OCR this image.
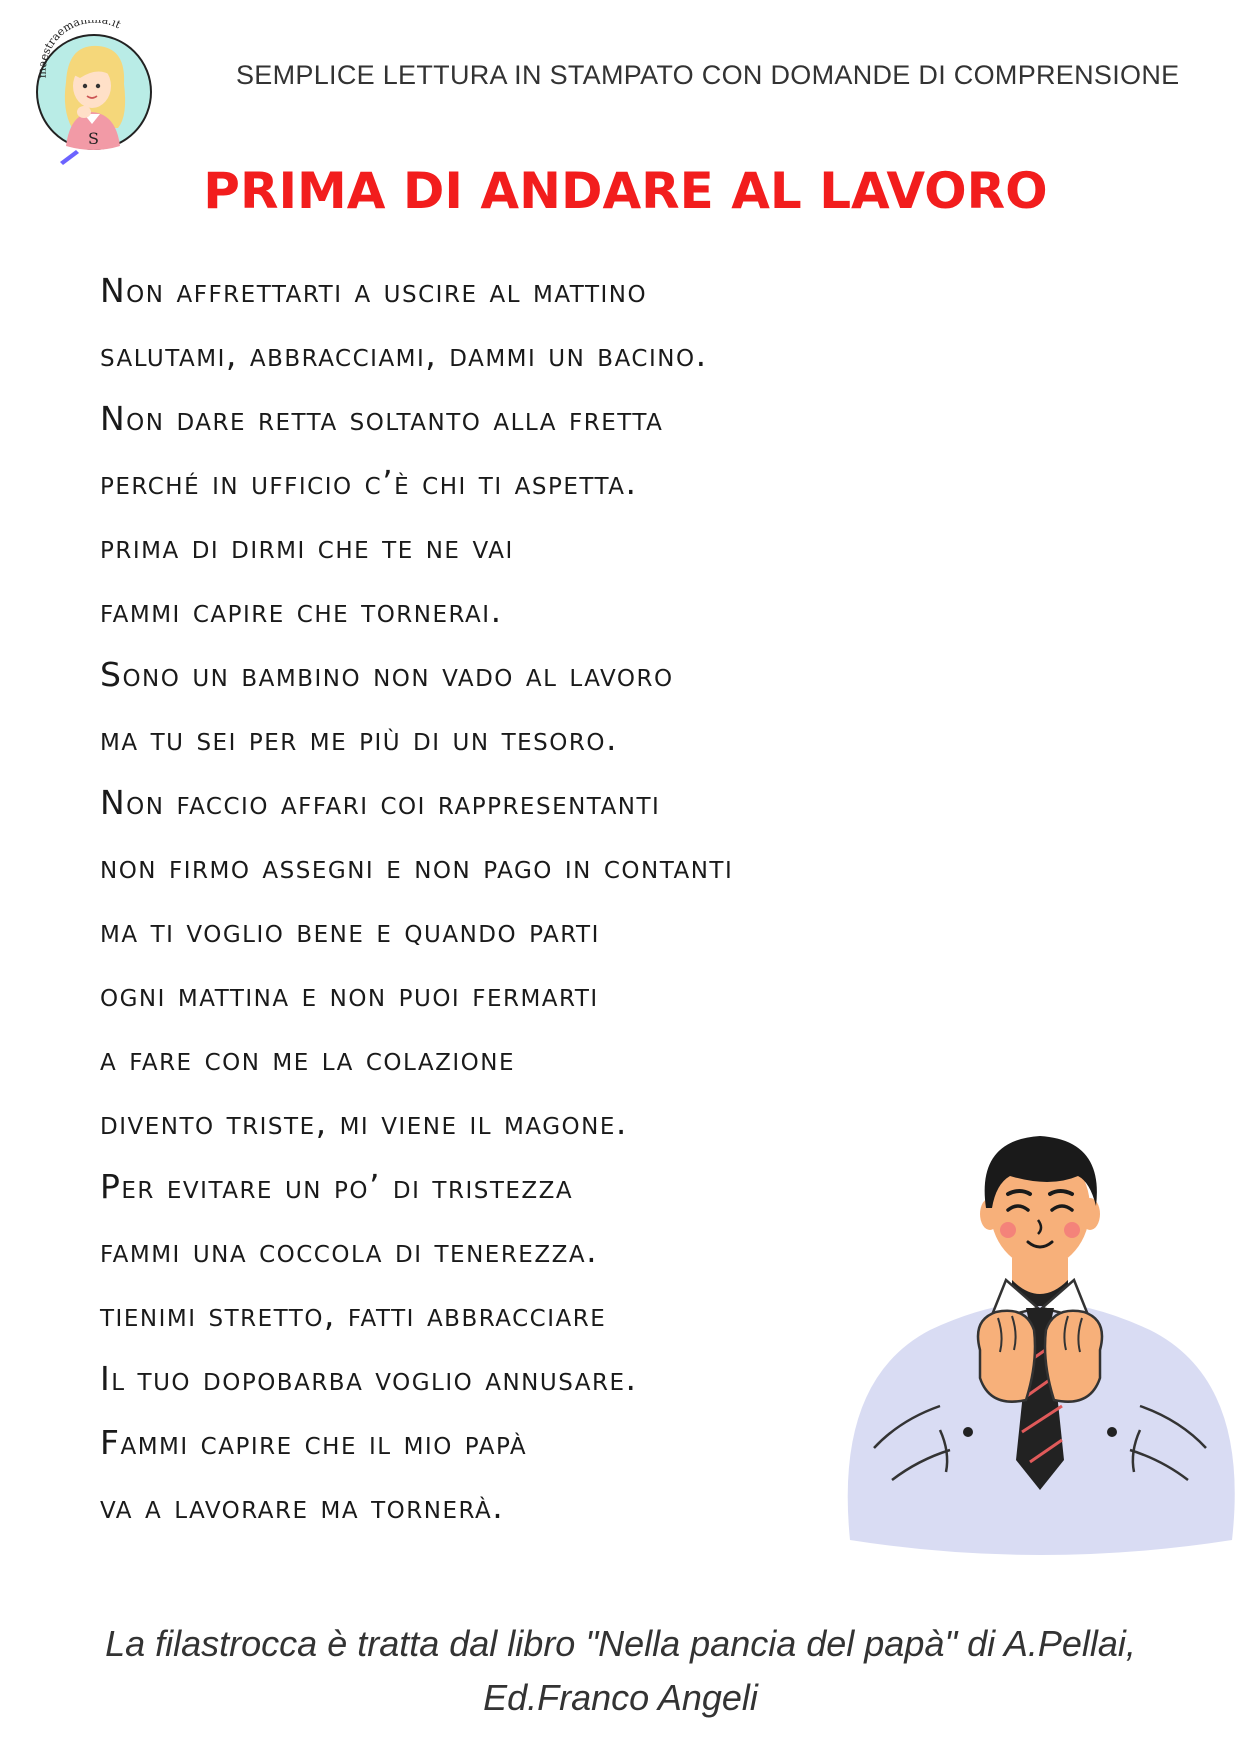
S
maestraemam a.it
SEMPLICE LETTURA IN STAMPATO CON DOMANDE DI COMPRENSIONE
PRIMA DI ANDARE AL LAVORO
Non affrettarti a uscire al mattino
salutami, abbracciami, dammi un bacino.
Non dare retta soltanto alla fretta
perché in ufficio c’è chi ti aspetta.
prima di dirmi che te ne vai
fammi capire che tornerai.
Sono un bambino non vado al lavoro
ma tu sei per me più di un tesoro.
Non faccio affari coi rappresentanti
non firmo assegni e non pago in contanti
ma ti voglio bene e quando parti
ogni mattina e non puoi fermarti
a fare con me la colazione
divento triste, mi viene il magone.
Per evitare un po’ di tristezza
fammi una coccola di tenerezza.
tienimi stretto, fatti abbracciare
Il tuo dopobarba voglio annusare.
Fammi capire che il mio papà
va a lavorare ma tornerà.
La filastrocca è tratta dal libro "Nella pancia del papà" di A.Pellai,
Ed.Franco Angeli
